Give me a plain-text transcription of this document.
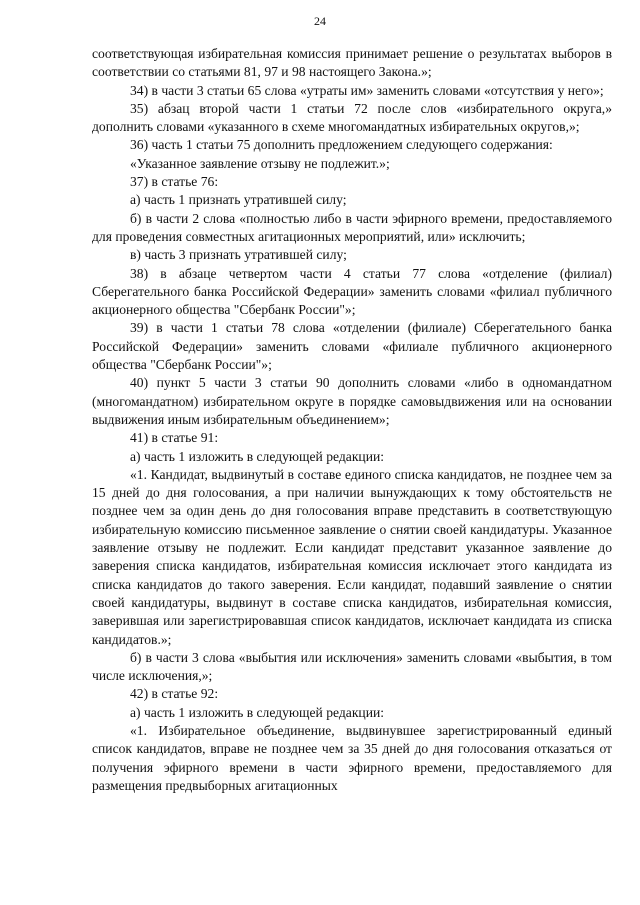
24

соответствующая избирательная комиссия принимает решение о результатах выборов в соответствии со статьями 81, 97 и 98 настоящего Закона.»;

34) в части 3 статьи 65 слова «утраты им» заменить словами «отсутствия у него»;

35) абзац второй части 1 статьи 72 после слов «избирательного округа,» дополнить словами «указанного в схеме многомандатных избирательных округов,»;

36) часть 1 статьи 75 дополнить предложением следующего содержания:

«Указанное заявление отзыву не подлежит.»;

37) в статье 76:

а) часть 1 признать утратившей силу;

б) в части 2 слова «полностью либо в части эфирного времени, предоставляемого для проведения совместных агитационных мероприятий, или» исключить;

в) часть 3 признать утратившей силу;

38) в абзаце четвертом части 4 статьи 77 слова «отделение (филиал) Сберегательного банка Российской Федерации» заменить словами «филиал публичного акционерного общества "Сбербанк России"»;

39) в части 1 статьи 78 слова «отделении (филиале) Сберегательного банка Российской Федерации» заменить словами «филиале публичного акционерного общества "Сбербанк России"»;

40) пункт 5 части 3 статьи 90 дополнить словами «либо в одномандатном (многомандатном) избирательном округе в порядке самовыдвижения или на основании выдвижения иным избирательным объединением»;

41) в статье 91:

а) часть 1 изложить в следующей редакции:

«1. Кандидат, выдвинутый в составе единого списка кандидатов, не позднее чем за 15 дней до дня голосования, а при наличии вынуждающих к тому обстоятельств не позднее чем за один день до дня голосования вправе представить в соответствующую избирательную комиссию письменное заявление о снятии своей кандидатуры. Указанное заявление отзыву не подлежит. Если кандидат представит указанное заявление до заверения списка кандидатов, избирательная комиссия исключает этого кандидата из списка кандидатов до такого заверения. Если кандидат, подавший заявление о снятии своей кандидатуры, выдвинут в составе списка кандидатов, избирательная комиссия, заверившая или зарегистрировавшая список кандидатов, исключает кандидата из списка кандидатов.»;

б) в части 3 слова «выбытия или исключения» заменить словами «выбытия, в том числе исключения,»;

42) в статье 92:

а) часть 1 изложить в следующей редакции:

«1. Избирательное объединение, выдвинувшее зарегистрированный единый список кандидатов, вправе не позднее чем за 35 дней до дня голосования отказаться от получения эфирного времени в части эфирного времени, предоставляемого для размещения предвыборных агитационных
